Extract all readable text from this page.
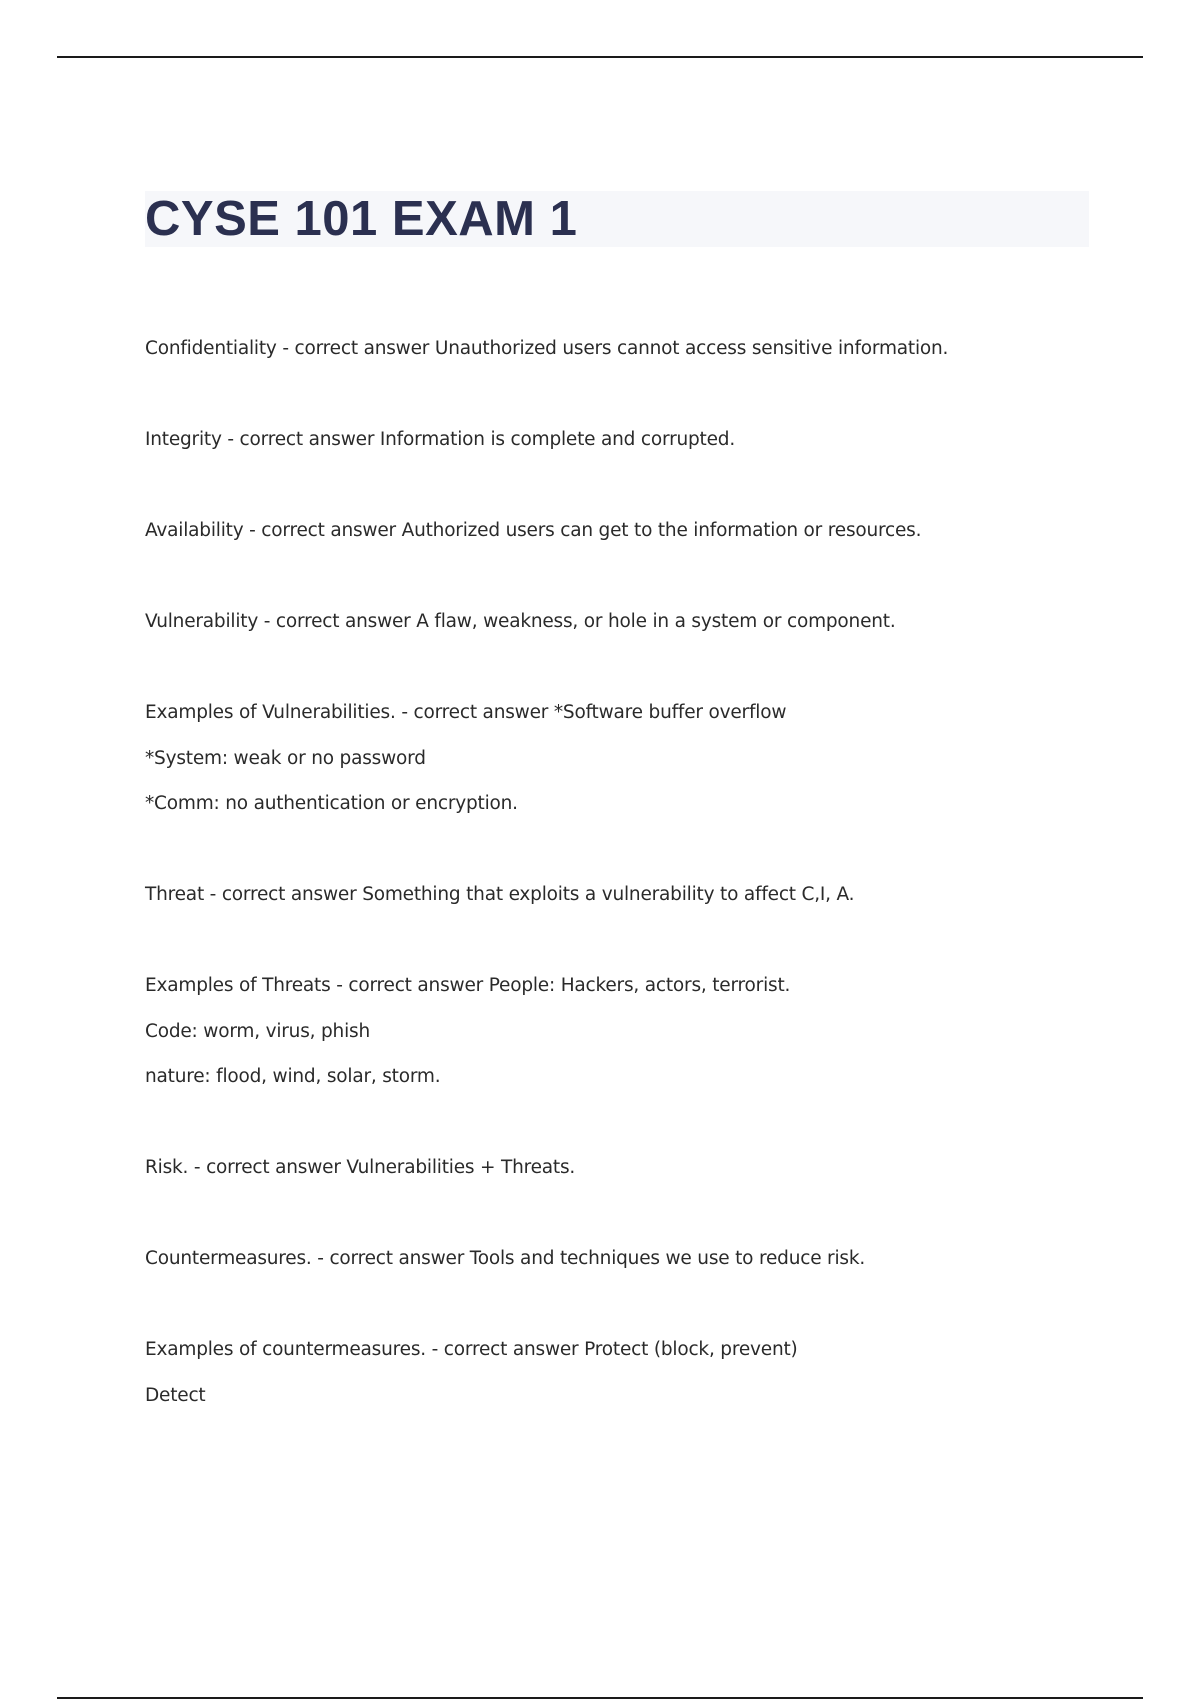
CYSE 101 EXAM 1
Confidentiality - correct answer Unauthorized users cannot access sensitive information.
Integrity - correct answer Information is complete and corrupted.
Availability - correct answer Authorized users can get to the information or resources.
Vulnerability - correct answer A flaw, weakness, or hole in a system or component.
Examples of Vulnerabilities. - correct answer *Software buffer overflow
*System: weak or no password
*Comm: no authentication or encryption.
Threat - correct answer Something that exploits a vulnerability to affect C,I, A.
Examples of Threats - correct answer People: Hackers, actors, terrorist.
Code: worm, virus, phish
nature: flood, wind, solar, storm.
Risk. - correct answer Vulnerabilities + Threats.
Countermeasures. - correct answer Tools and techniques we use to reduce risk.
Examples of countermeasures. - correct answer Protect (block, prevent)
Detect
